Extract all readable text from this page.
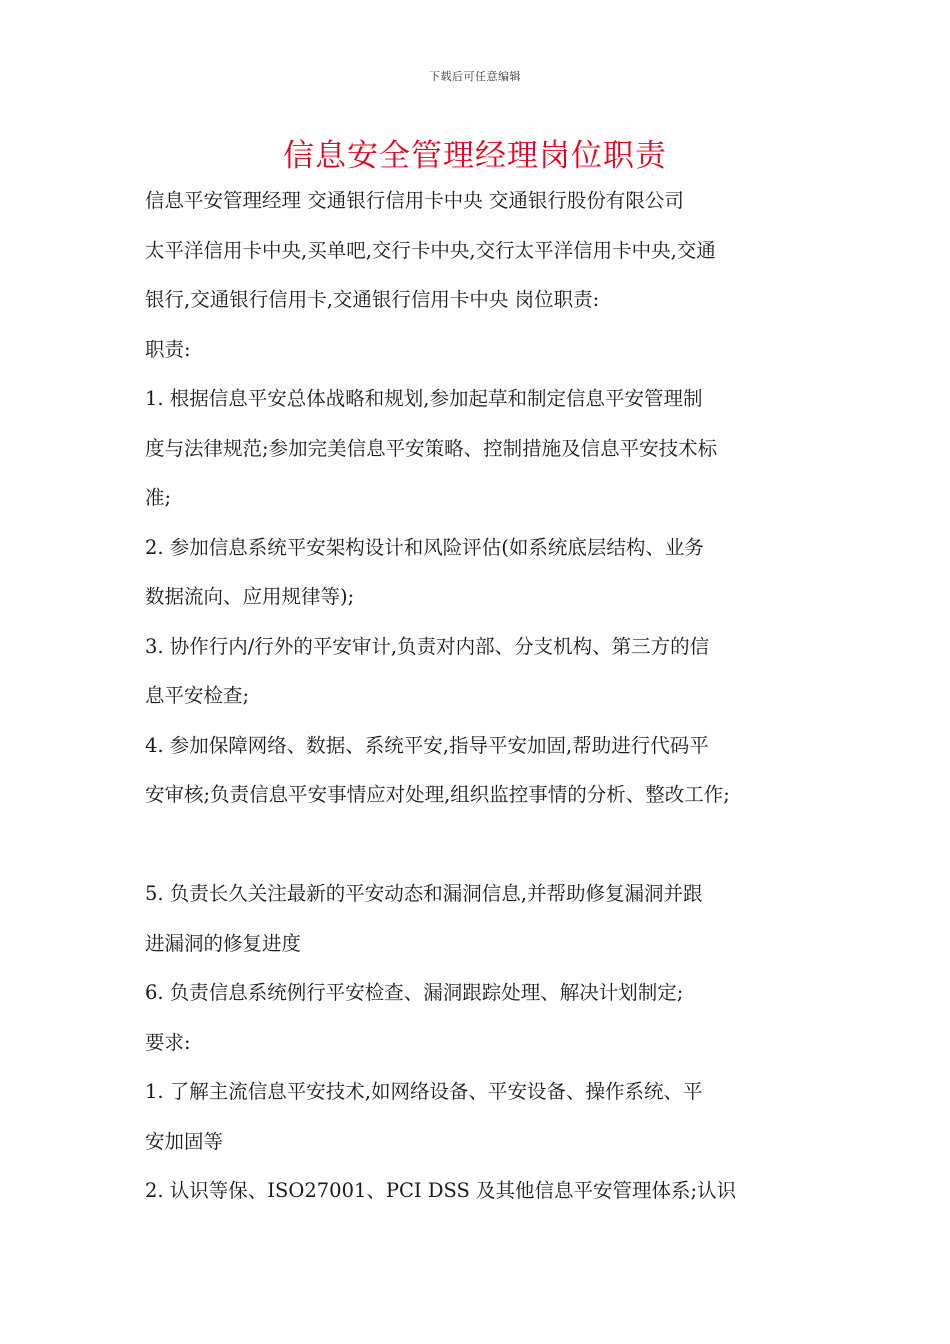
下载后可任意编辑
信息安全管理经理岗位职责

信息平安管理经理 交通银行信用卡中央 交通银行股份有限公司

太平洋信用卡中央,买单吧,交行卡中央,交行太平洋信用卡中央,交通

银行,交通银行信用卡,交通银行信用卡中央 岗位职责:

职责:

1. 根据信息平安总体战略和规划,参加起草和制定信息平安管理制

度与法律规范;参加完美信息平安策略、控制措施及信息平安技术标

准;

2. 参加信息系统平安架构设计和风险评估(如系统底层结构、业务

数据流向、应用规律等);

3. 协作行内/行外的平安审计,负责对内部、分支机构、第三方的信

息平安检查;

4. 参加保障网络、数据、系统平安,指导平安加固,帮助进行代码平

安审核;负责信息平安事情应对处理,组织监控事情的分析、整改工作;

5. 负责长久关注最新的平安动态和漏洞信息,并帮助修复漏洞并跟

进漏洞的修复进度

6. 负责信息系统例行平安检查、漏洞跟踪处理、解决计划制定;

要求:

1. 了解主流信息平安技术,如网络设备、平安设备、操作系统、平

安加固等

2. 认识等保、ISO27001、PCI DSS 及其他信息平安管理体系;认识
